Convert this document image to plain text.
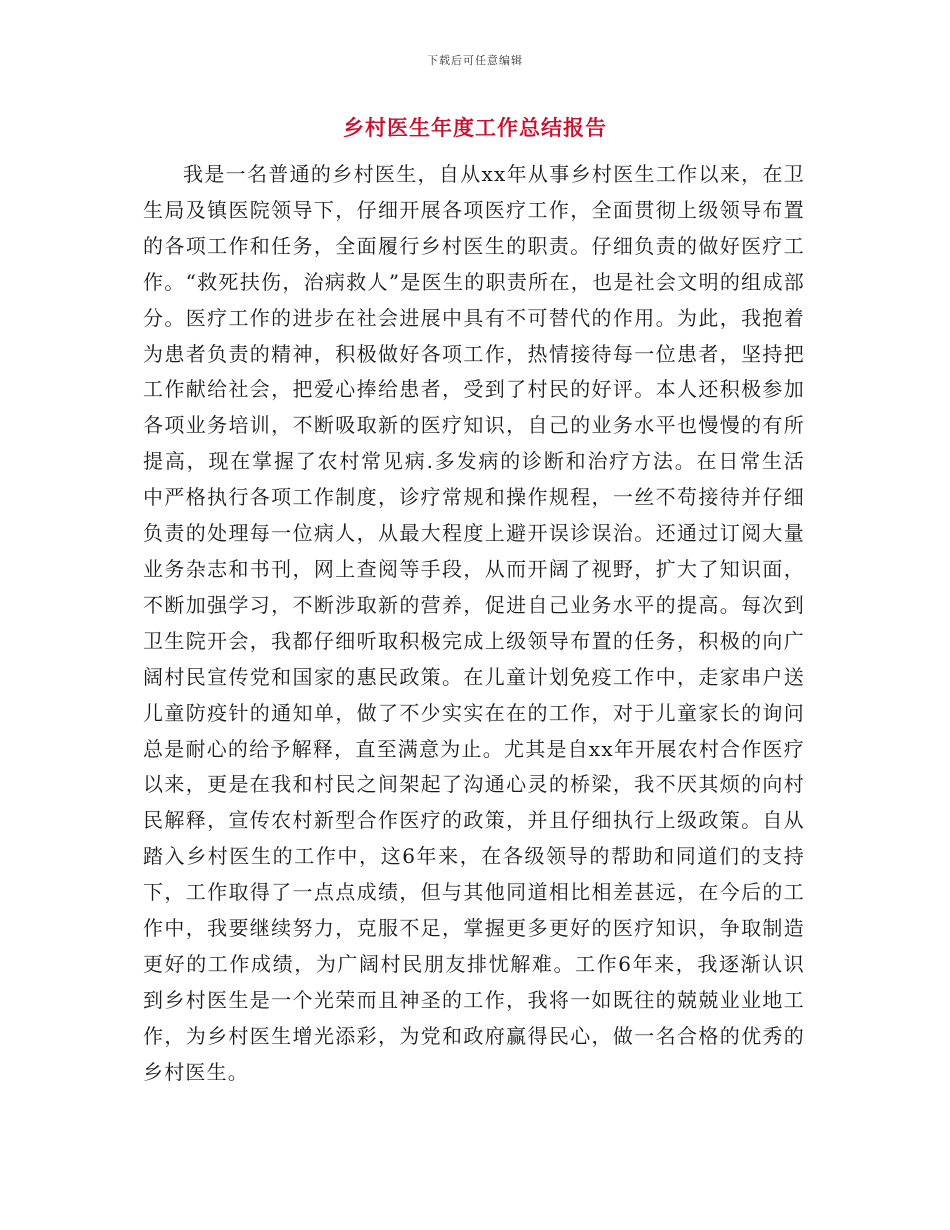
下载后可任意编辑
乡村医生年度工作总结报告

我是一名普通的乡村医生，自从xx年从事乡村医生工作以来，在卫生局及镇医院领导下，仔细开展各项医疗工作，全面贯彻上级领导布置的各项工作和任务，全面履行乡村医生的职责。仔细负责的做好医疗工作。“救死扶伤，治病救人”是医生的职责所在，也是社会文明的组成部分。医疗工作的进步在社会进展中具有不可替代的作用。为此，我抱着为患者负责的精神，积极做好各项工作，热情接待每一位患者，坚持把工作献给社会，把爱心捧给患者，受到了村民的好评。本人还积极参加各项业务培训，不断吸取新的医疗知识，自己的业务水平也慢慢的有所提高，现在掌握了农村常见病.多发病的诊断和治疗方法。在日常生活中严格执行各项工作制度，诊疗常规和操作规程，一丝不苟接待并仔细负责的处理每一位病人，从最大程度上避开误诊误治。还通过订阅大量业务杂志和书刊，网上查阅等手段，从而开阔了视野，扩大了知识面，不断加强学习，不断涉取新的营养，促进自己业务水平的提高。每次到卫生院开会，我都仔细听取积极完成上级领导布置的任务，积极的向广阔村民宣传党和国家的惠民政策。在儿童计划免疫工作中，走家串户送儿童防疫针的通知单，做了不少实实在在的工作，对于儿童家长的询问总是耐心的给予解释，直至满意为止。尤其是自xx年开展农村合作医疗以来，更是在我和村民之间架起了沟通心灵的桥梁，我不厌其烦的向村民解释，宣传农村新型合作医疗的政策，并且仔细执行上级政策。自从踏入乡村医生的工作中，这6年来，在各级领导的帮助和同道们的支持下，工作取得了一点点成绩，但与其他同道相比相差甚远，在今后的工作中，我要继续努力，克服不足，掌握更多更好的医疗知识，争取制造更好的工作成绩，为广阔村民朋友排忧解难。工作6年来，我逐渐认识到乡村医生是一个光荣而且神圣的工作，我将一如既往的兢兢业业地工作，为乡村医生增光添彩，为党和政府赢得民心，做一名合格的优秀的乡村医生。
